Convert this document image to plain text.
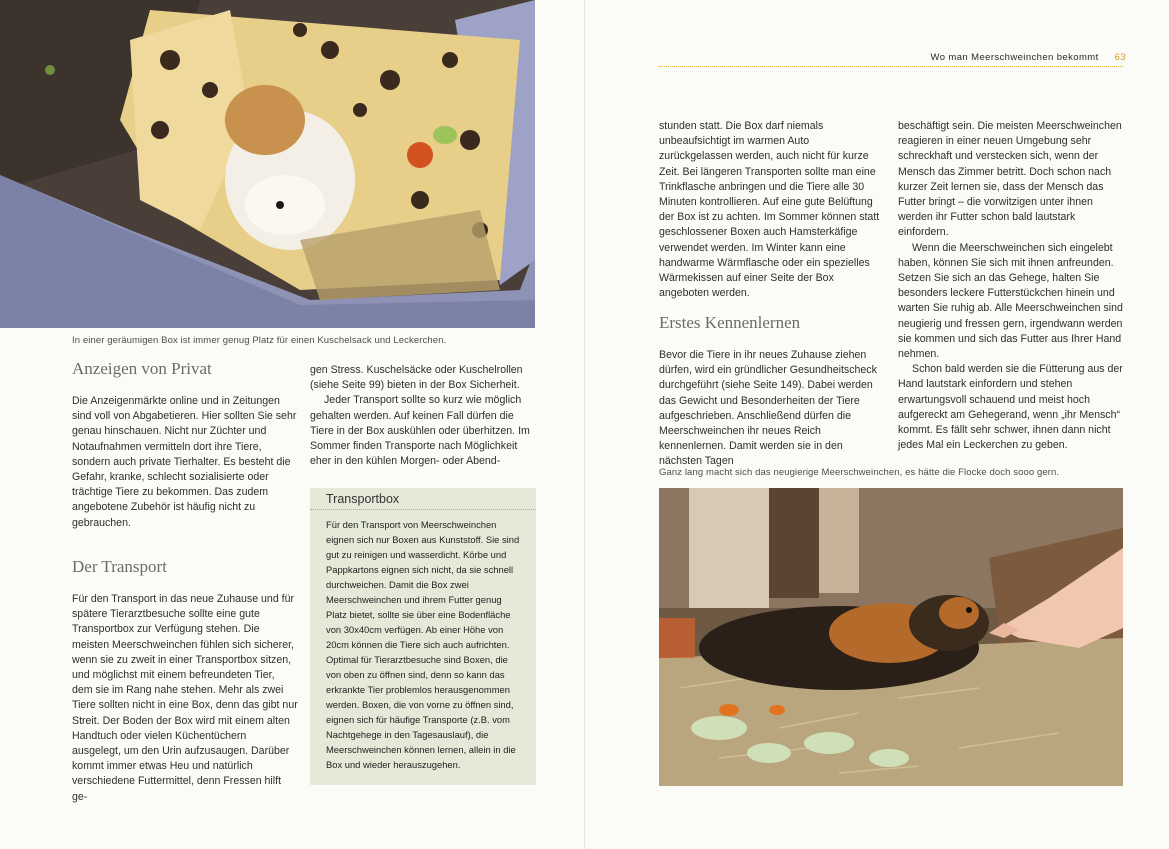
In einer geräumigen Box ist immer genug Platz für einen Kuschelsack und Leckerchen.
Anzeigen von Privat

Die Anzeigenmärkte online und in Zeitungen sind voll von Abgabetieren. Hier sollten Sie sehr genau hinschauen. Nicht nur Züchter und Notaufnahmen vermitteln dort ihre Tiere, sondern auch private Tierhalter. Es besteht die Gefahr, kranke, schlecht sozialisierte oder trächtige Tiere zu bekommen. Das zudem angebotene Zubehör ist häufig nicht zu gebrauchen.

Der Transport

Für den Transport in das neue Zuhause und für spätere Tierarztbesuche sollte eine gute Transportbox zur Verfügung stehen. Die meisten Meerschweinchen fühlen sich sicherer, wenn sie zu zweit in einer Transportbox sitzen, und möglichst mit einem befreundeten Tier, dem sie im Rang nahe stehen. Mehr als zwei Tiere sollten nicht in eine Box, denn das gibt nur Streit. Der Boden der Box wird mit einem alten Handtuch oder vielen Küchentüchern ausgelegt, um den Urin aufzusaugen. Darüber kommt immer etwas Heu und natürlich verschiedene Futtermittel, denn Fressen hilft ge-

gen Stress. Kuschelsäcke oder Kuschelrollen (siehe Seite 99) bieten in der Box Sicherheit.

Jeder Transport sollte so kurz wie möglich gehalten werden. Auf keinen Fall dürfen die Tiere in der Box auskühlen oder überhitzen. Im Sommer finden Transporte nach Möglichkeit eher in den kühlen Morgen- oder Abend-

Transportbox
Für den Transport von Meerschweinchen eignen sich nur Boxen aus Kunststoff. Sie sind gut zu reinigen und wasserdicht. Körbe und Pappkartons eignen sich nicht, da sie schnell durchweichen. Damit die Box zwei Meerschweinchen und ihrem Futter genug Platz bietet, sollte sie über eine Bodenfläche von 30x40cm verfügen. Ab einer Höhe von 20cm können die Tiere sich auch aufrichten. Optimal für Tierarztbesuche sind Boxen, die von oben zu öffnen sind, denn so kann das erkrankte Tier problemlos herausgenommen werden. Boxen, die von vorne zu öffnen sind, eignen sich für häufige Transporte (z.B. vom Nachtgehege in den Tagesauslauf), die Meerschweinchen können lernen, allein in die Box und wieder herauszugehen.
Wo man Meerschweinchen bekommt 63

stunden statt. Die Box darf niemals unbeaufsichtigt im warmen Auto zurückgelassen werden, auch nicht für kurze Zeit. Bei längeren Transporten sollte man eine Trinkflasche anbringen und die Tiere alle 30 Minuten kontrollieren. Auf eine gute Belüftung der Box ist zu achten. Im Sommer können statt geschlossener Boxen auch Hamsterkäfige verwendet werden. Im Winter kann eine handwarme Wärmflasche oder ein spezielles Wärmekissen auf einer Seite der Box angeboten werden.

Erstes Kennenlernen

Bevor die Tiere in ihr neues Zuhause ziehen dürfen, wird ein gründlicher Gesundheitscheck durchgeführt (siehe Seite 149). Dabei werden das Gewicht und Besonderheiten der Tiere aufgeschrieben. Anschließend dürfen die Meerschweinchen ihr neues Reich kennenlernen. Damit werden sie in den nächsten Tagen

beschäftigt sein. Die meisten Meerschweinchen reagieren in einer neuen Umgebung sehr schreckhaft und verstecken sich, wenn der Mensch das Zimmer betritt. Doch schon nach kurzer Zeit lernen sie, dass der Mensch das Futter bringt – die vorwitzigen unter ihnen werden ihr Futter schon bald lautstark einfordern.

Wenn die Meerschweinchen sich eingelebt haben, können Sie sich mit ihnen anfreunden. Setzen Sie sich an das Gehege, halten Sie besonders leckere Futterstückchen hinein und warten Sie ruhig ab. Alle Meerschweinchen sind neugierig und fressen gern, irgendwann werden sie kommen und sich das Futter aus Ihrer Hand nehmen.

Schon bald werden sie die Fütterung aus der Hand lautstark einfordern und stehen erwartungsvoll schauend und meist hoch aufgereckt am Gehegerand, wenn „ihr Mensch“ kommt. Es fällt sehr schwer, ihnen dann nicht jedes Mal ein Leckerchen zu geben.

Ganz lang macht sich das neugierige Meerschweinchen, es hätte die Flocke doch sooo gern.
